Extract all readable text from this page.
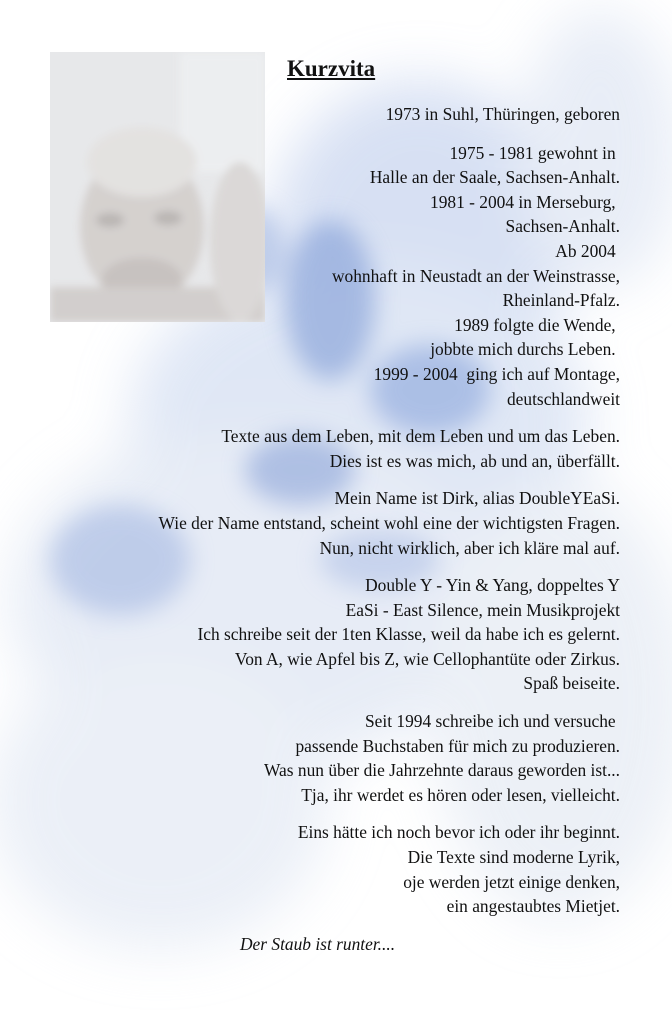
Kurzvita
1973 in Suhl, Thüringen, geboren
1975 - 1981 gewohnt in
Halle an der Saale, Sachsen-Anhalt.
1981 - 2004 in Merseburg,
Sachsen-Anhalt.
Ab 2004
wohnhaft in Neustadt an der Weinstrasse,
Rheinland-Pfalz.
1989 folgte die Wende,
jobbte mich durchs Leben.
1999 - 2004  ging ich auf Montage,
deutschlandweit
Texte aus dem Leben, mit dem Leben und um das Leben.
Dies ist es was mich, ab und an, überfällt.
Mein Name ist Dirk, alias DoubleYEaSi.
Wie der Name entstand, scheint wohl eine der wichtigsten Fragen.
Nun, nicht wirklich, aber ich kläre mal auf.
Double Y - Yin & Yang, doppeltes Y
EaSi - East Silence, mein Musikprojekt
Ich schreibe seit der 1ten Klasse, weil da habe ich es gelernt.
Von A, wie Apfel bis Z, wie Cellophantüte oder Zirkus.
Spaß beiseite.
Seit 1994 schreibe ich und versuche
passende Buchstaben für mich zu produzieren.
Was nun über die Jahrzehnte daraus geworden ist...
Tja, ihr werdet es hören oder lesen, vielleicht.
Eins hätte ich noch bevor ich oder ihr beginnt.
Die Texte sind moderne Lyrik,
oje werden jetzt einige denken,
ein angestaubtes Mietjet.
Der Staub ist runter....
